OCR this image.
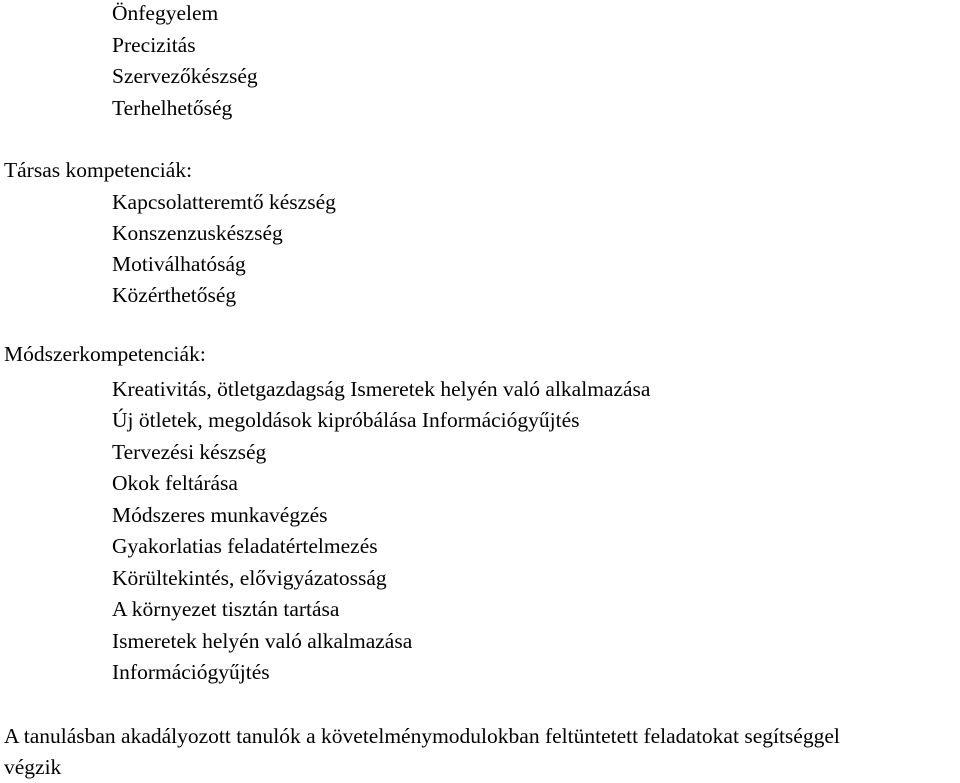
Önfegyelem
Precizitás
Szervezőkészség
Terhelhetőség
Társas kompetenciák:
Kapcsolatteremtő készség
Konszenzuskészség
Motiválhatóság
Közérthetőség
Módszerkompetenciák:
Kreativitás, ötletgazdagság Ismeretek helyén való alkalmazása
Új ötletek, megoldások kipróbálása Információgyűjtés
Tervezési készség
Okok feltárása
Módszeres munkavégzés
Gyakorlatias feladatértelmezés
Körültekintés, elővigyázatosság
A környezet tisztán tartása
Ismeretek helyén való alkalmazása
Információgyűjtés
A tanulásban akadályozott tanulók a követelménymodulokban feltüntetett feladatokat segítséggel
végzik
